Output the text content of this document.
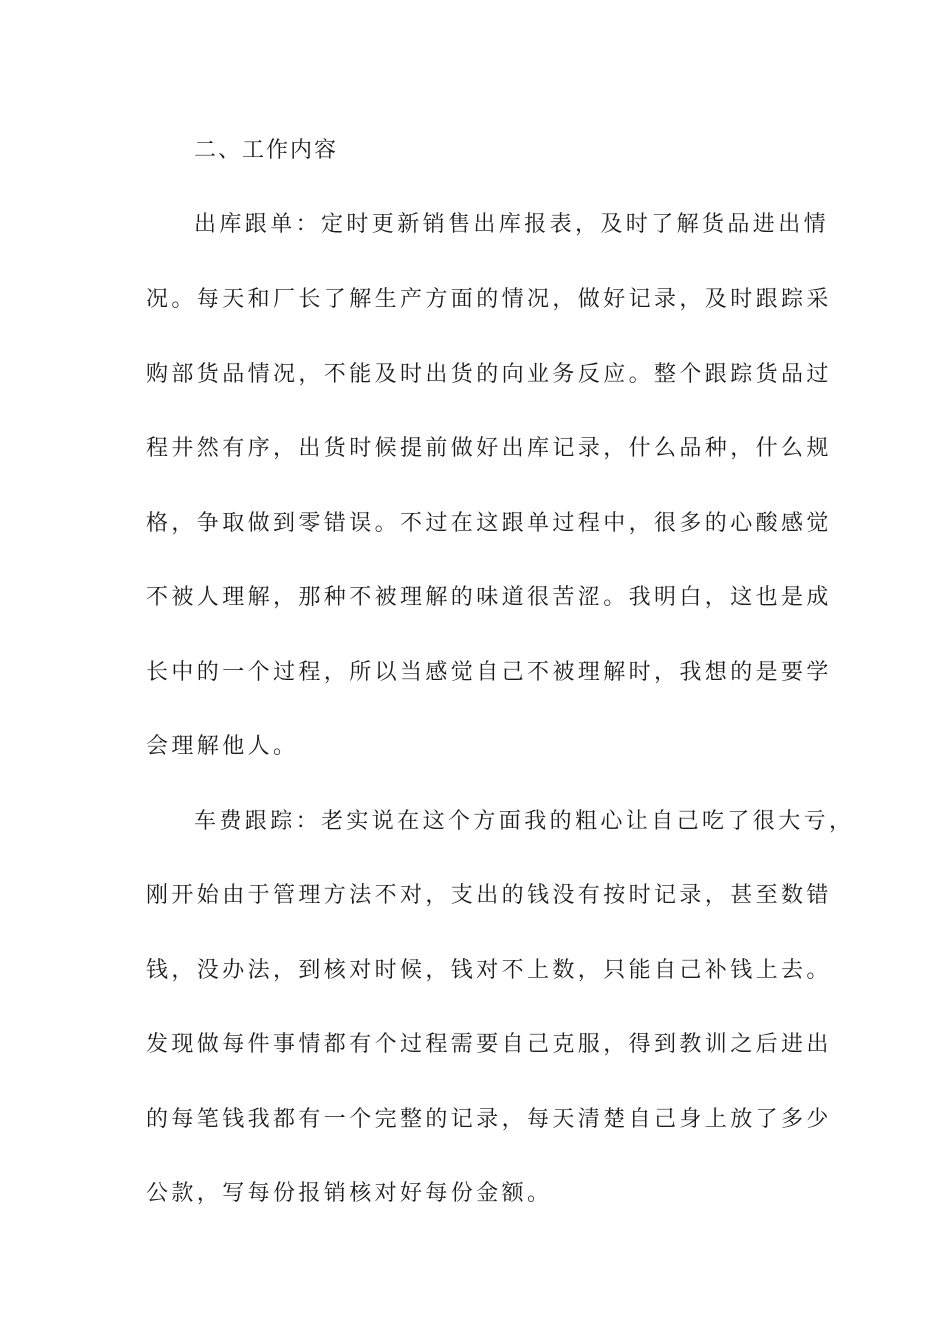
二、工作内容
出库跟单：定时更新销售出库报表，及时了解货品进出情
况。每天和厂长了解生产方面的情况，做好记录，及时跟踪采
购部货品情况，不能及时出货的向业务反应。整个跟踪货品过
程井然有序，出货时候提前做好出库记录，什么品种，什么规
格，争取做到零错误。不过在这跟单过程中，很多的心酸感觉
不被人理解，那种不被理解的味道很苦涩。我明白，这也是成
长中的一个过程，所以当感觉自己不被理解时，我想的是要学
会理解他人。
车费跟踪：老实说在这个方面我的粗心让自己吃了很大亏，
刚开始由于管理方法不对，支出的钱没有按时记录，甚至数错
钱，没办法，到核对时候，钱对不上数，只能自己补钱上去。
发现做每件事情都有个过程需要自己克服，得到教训之后进出
的每笔钱我都有一个完整的记录，每天清楚自己身上放了多少
公款，写每份报销核对好每份金额。
